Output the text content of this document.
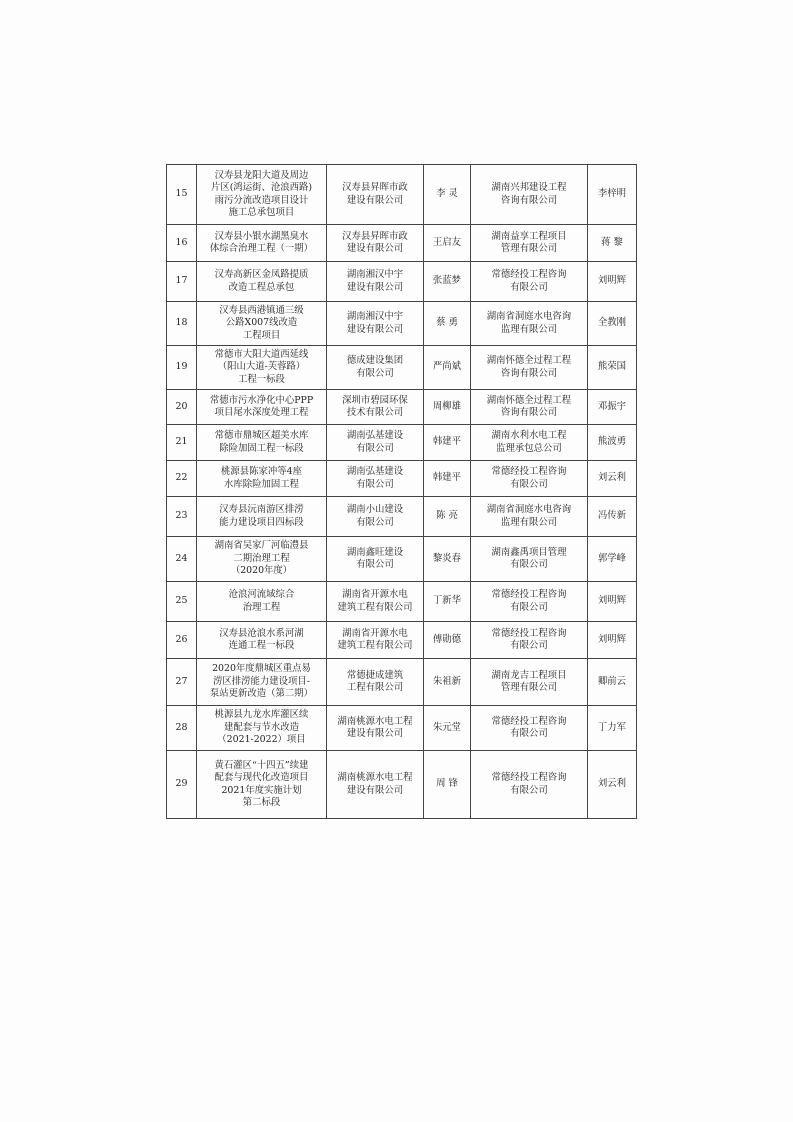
15	汉寿县龙阳大道及周边
片区(鸿运街、沧浪西路)
雨污分流改造项目设计
施工总承包项目	汉寿县昇晖市政
建设有限公司	李 灵	湖南兴邦建设工程
咨询有限公司	李梓明

16	汉寿县小银水湖黑臭水
体综合治理工程（一期）	汉寿县昇晖市政
建设有限公司	王启友	湖南益享工程项目
管理有限公司	蒋 黎

17	汉寿高新区金凤路提质
改造工程总承包	湖南湘汉中宇
建设有限公司	张蓝梦	常德经投工程咨询
有限公司	刘明辉

18	汉寿县西港镇通三级
公路X007线改造
工程项目	湖南湘汉中宇
建设有限公司	蔡 勇	湖南省洞庭水电咨询
监理有限公司	全教刚

19	常德市大阳大道西延线
（阳山大道-芙蓉路）
工程一标段	德成建设集团
有限公司	严尚斌	湖南怀德全过程工程
咨询有限公司	熊荣国

20	常德市污水净化中心PPP
项目尾水深度处理工程	深圳市碧园环保
技术有限公司	周柳雄	湖南怀德全过程工程
咨询有限公司	邓振宇

21	常德市鼎城区超美水库
除险加固工程一标段	湖南弘基建设
有限公司	韩建平	湖南水利水电工程
监理承包总公司	熊波勇

22	桃源县陈家冲等4座
水库除险加固工程	湖南弘基建设
有限公司	韩建平	常德经投工程咨询
有限公司	刘云利

23	汉寿县沅南游区排涝
能力建设项目四标段	湖南小山建设
有限公司	陈 亮	湖南省洞庭水电咨询
监理有限公司	冯传新

24	湖南省吴家厂河临澧县
二期治理工程
（2020年度）	湖南鑫旺建设
有限公司	黎炎春	湖南鑫禹项目管理
有限公司	郭学峰

25	沧浪河流域综合
治理工程	湖南省开源水电
建筑工程有限公司	丁新华	常德经投工程咨询
有限公司	刘明辉

26	汉寿县沧浪水系河湖
连通工程一标段	湖南省开源水电
建筑工程有限公司	傅勋德	常德经投工程咨询
有限公司	刘明辉

27	2020年度鼎城区重点易
涝区排涝能力建设项目-
泵站更新改造（第二期）	常德捷成建筑
工程有限公司	朱祖新	湖南龙吉工程项目
管理有限公司	卿前云

28	桃源县九龙水库灌区续
建配套与节水改造
（2021-2022）项目	湖南桃源水电工程
建设有限公司	朱元堂	常德经投工程咨询
有限公司	丁力军

29	黄石灌区“十四五”续建
配套与现代化改造项目
2021年度实施计划
第二标段	湖南桃源水电工程
建设有限公司	周 锋	常德经投工程咨询
有限公司	刘云利
